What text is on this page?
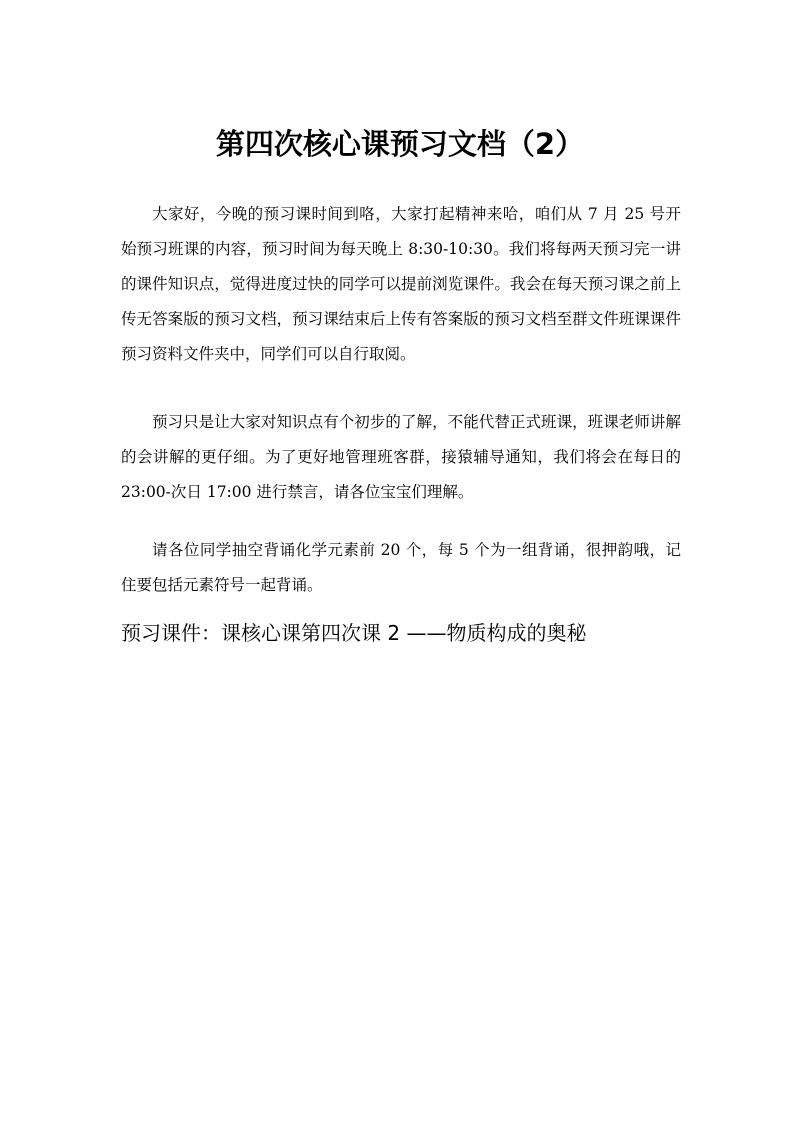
第四次核心课预习文档（2）

大家好，今晚的预习课时间到咯，大家打起精神来哈，咱们从 7 月 25 号开始预习班课的内容，预习时间为每天晚上 8:30-10:30。我们将每两天预习完一讲的课件知识点，觉得进度过快的同学可以提前浏览课件。我会在每天预习课之前上传无答案版的预习文档，预习课结束后上传有答案版的预习文档至群文件班课课件预习资料文件夹中，同学们可以自行取阅。

预习只是让大家对知识点有个初步的了解，不能代替正式班课，班课老师讲解的会讲解的更仔细。为了更好地管理班客群，接猿辅导通知，我们将会在每日的 23:00-次日 17:00 进行禁言，请各位宝宝们理解。

请各位同学抽空背诵化学元素前 20 个，每 5 个为一组背诵，很押韵哦，记住要包括元素符号一起背诵。

预习课件：课核心课第四次课 2 ——物质构成的奥秘
